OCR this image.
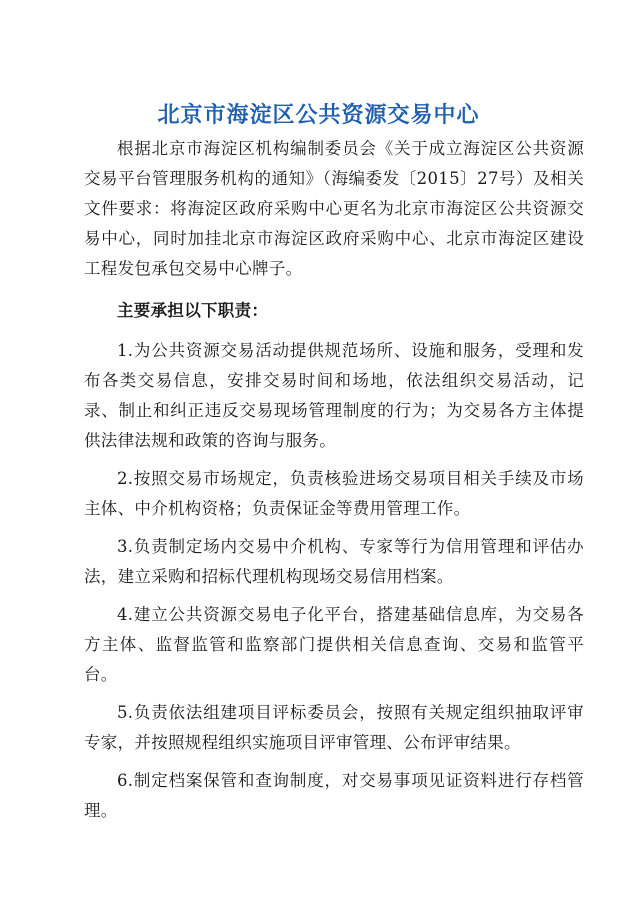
北京市海淀区公共资源交易中心

根据北京市海淀区机构编制委员会《关于成立海淀区公共资源交易平台管理服务机构的通知》（海编委发〔2015〕27号）及相关文件要求：将海淀区政府采购中心更名为北京市海淀区公共资源交易中心，同时加挂北京市海淀区政府采购中心、北京市海淀区建设工程发包承包交易中心牌子。

主要承担以下职责：

1.为公共资源交易活动提供规范场所、设施和服务，受理和发布各类交易信息，安排交易时间和场地，依法组织交易活动，记录、制止和纠正违反交易现场管理制度的行为；为交易各方主体提供法律法规和政策的咨询与服务。

2.按照交易市场规定，负责核验进场交易项目相关手续及市场主体、中介机构资格；负责保证金等费用管理工作。

3.负责制定场内交易中介机构、专家等行为信用管理和评估办法，建立采购和招标代理机构现场交易信用档案。

4.建立公共资源交易电子化平台，搭建基础信息库，为交易各方主体、监督监管和监察部门提供相关信息查询、交易和监管平台。

5.负责依法组建项目评标委员会，按照有关规定组织抽取评审专家，并按照规程组织实施项目评审管理、公布评审结果。

6.制定档案保管和查询制度，对交易事项见证资料进行存档管理。
